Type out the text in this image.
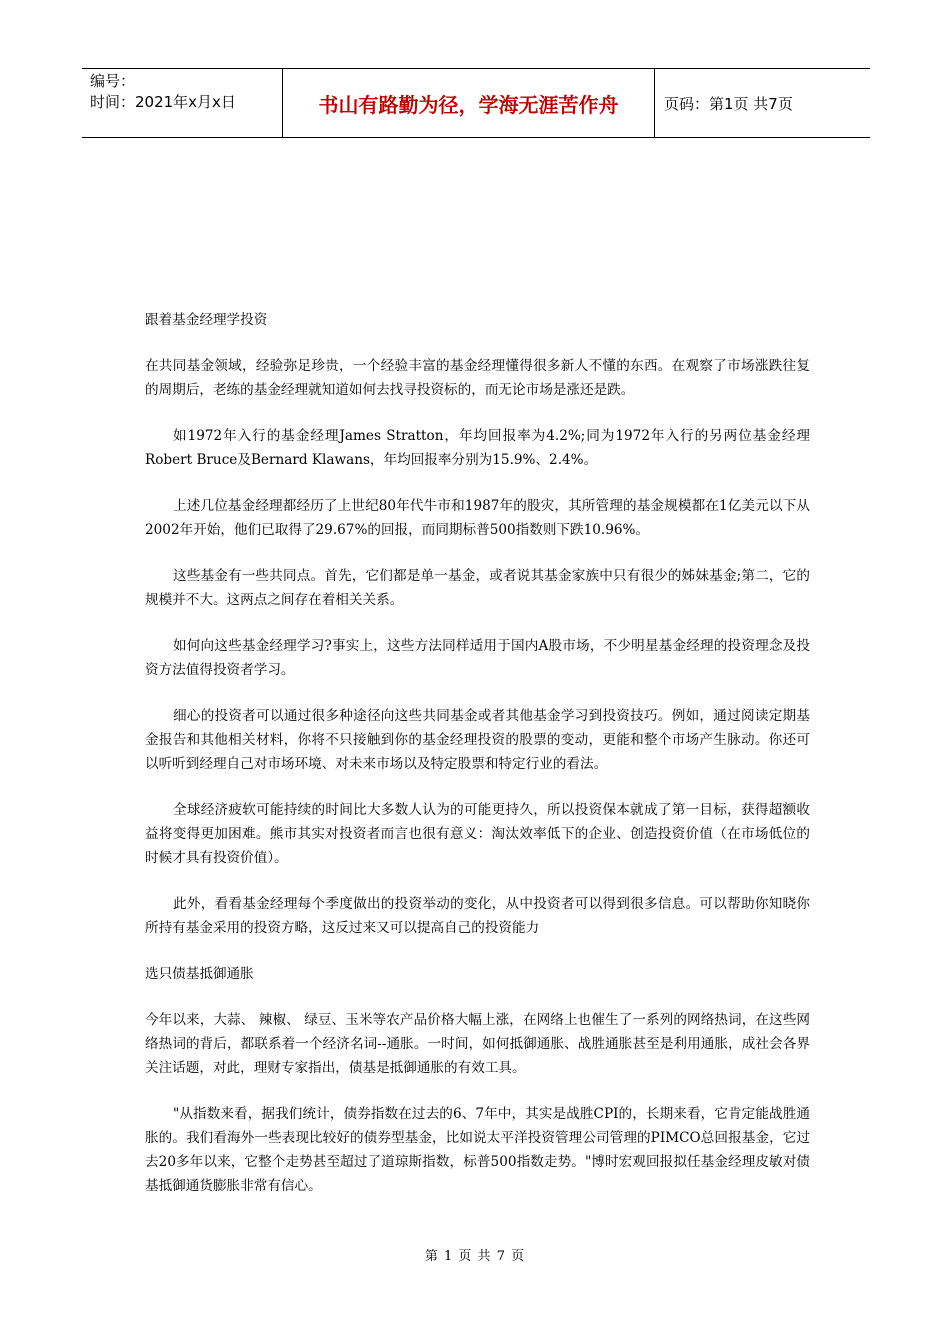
编号：
时间：2021年x月x日	书山有路勤为径，学海无涯苦作舟	页码：第1页 共7页

跟着基金经理学投资

在共同基金领域，经验弥足珍贵，一个经验丰富的基金经理懂得很多新人不懂的东西。在观察了市场涨跌往复的周期后，老练的基金经理就知道如何去找寻投资标的，而无论市场是涨还是跌。

如1972年入行的基金经理James Stratton，年均回报率为4.2%;同为1972年入行的另两位基金经理Robert Bruce及Bernard Klawans，年均回报率分别为15.9%、2.4%。

上述几位基金经理都经历了上世纪80年代牛市和1987年的股灾，其所管理的基金规模都在1亿美元以下从2002年开始，他们已取得了29.67%的回报，而同期标普500指数则下跌10.96%。

这些基金有一些共同点。首先，它们都是单一基金，或者说其基金家族中只有很少的姊妹基金;第二，它的规模并不大。这两点之间存在着相关关系。

如何向这些基金经理学习?事实上，这些方法同样适用于国内A股市场，不少明星基金经理的投资理念及投资方法值得投资者学习。

细心的投资者可以通过很多种途径向这些共同基金或者其他基金学习到投资技巧。例如，通过阅读定期基金报告和其他相关材料，你将不只接触到你的基金经理投资的股票的变动，更能和整个市场产生脉动。你还可以听听到经理自己对市场环境、对未来市场以及特定股票和特定行业的看法。

全球经济疲软可能持续的时间比大多数人认为的可能更持久，所以投资保本就成了第一目标，获得超额收益将变得更加困难。熊市其实对投资者而言也很有意义：淘汰效率低下的企业、创造投资价值（在市场低位的时候才具有投资价值）。

此外，看看基金经理每个季度做出的投资举动的变化，从中投资者可以得到很多信息。可以帮助你知晓你所持有基金采用的投资方略，这反过来又可以提高自己的投资能力

选只债基抵御通胀

今年以来，大蒜、 辣椒、 绿豆、玉米等农产品价格大幅上涨，在网络上也催生了一系列的网络热词，在这些网络热词的背后，都联系着一个经济名词--通胀。一时间，如何抵御通胀、战胜通胀甚至是利用通胀，成社会各界关注话题，对此，理财专家指出，债基是抵御通胀的有效工具。

"从指数来看，据我们统计，债券指数在过去的6、7年中，其实是战胜CPI的，长期来看，它肯定能战胜通胀的。我们看海外一些表现比较好的债券型基金，比如说太平洋投资管理公司管理的PIMCO总回报基金，它过去20多年以来，它整个走势甚至超过了道琼斯指数，标普500指数走势。"博时宏观回报拟任基金经理皮敏对债基抵御通货膨胀非常有信心。

第 1 页 共 7 页
